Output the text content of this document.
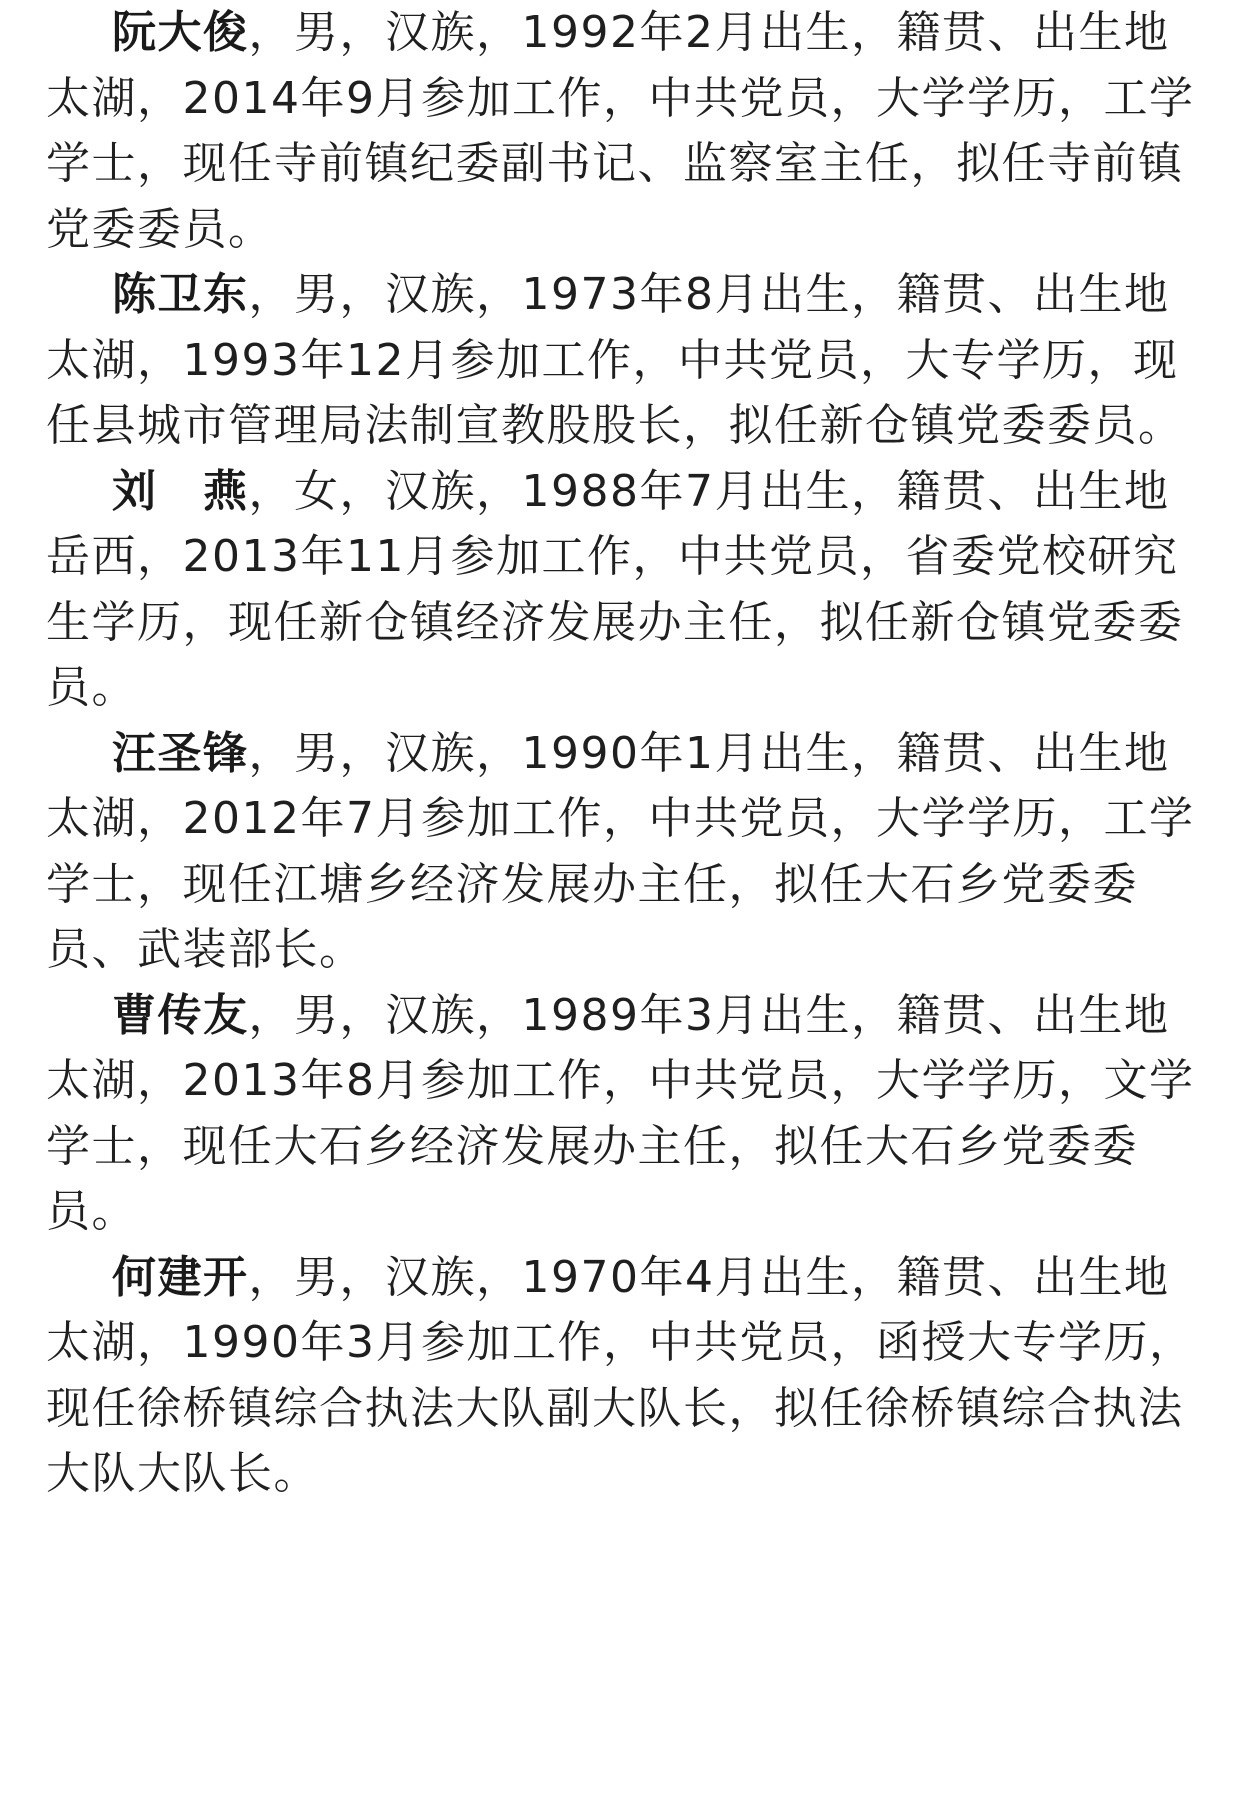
阮大俊，男，汉族，1992年2月出生，籍贯、出生地太湖，2014年9月参加工作，中共党员，大学学历，工学学士，现任寺前镇纪委副书记、监察室主任，拟任寺前镇党委委员。

陈卫东，男，汉族，1973年8月出生，籍贯、出生地太湖，1993年12月参加工作，中共党员，大专学历，现任县城市管理局法制宣教股股长，拟任新仓镇党委委员。

刘　燕，女，汉族，1988年7月出生，籍贯、出生地岳西，2013年11月参加工作，中共党员，省委党校研究生学历，现任新仓镇经济发展办主任，拟任新仓镇党委委员。

汪圣锋，男，汉族，1990年1月出生，籍贯、出生地太湖，2012年7月参加工作，中共党员，大学学历，工学学士，现任江塘乡经济发展办主任，拟任大石乡党委委员、武装部长。

曹传友，男，汉族，1989年3月出生，籍贯、出生地太湖，2013年8月参加工作，中共党员，大学学历，文学学士，现任大石乡经济发展办主任，拟任大石乡党委委员。

何建开，男，汉族，1970年4月出生，籍贯、出生地太湖，1990年3月参加工作，中共党员，函授大专学历，现任徐桥镇综合执法大队副大队长，拟任徐桥镇综合执法大队大队长。
